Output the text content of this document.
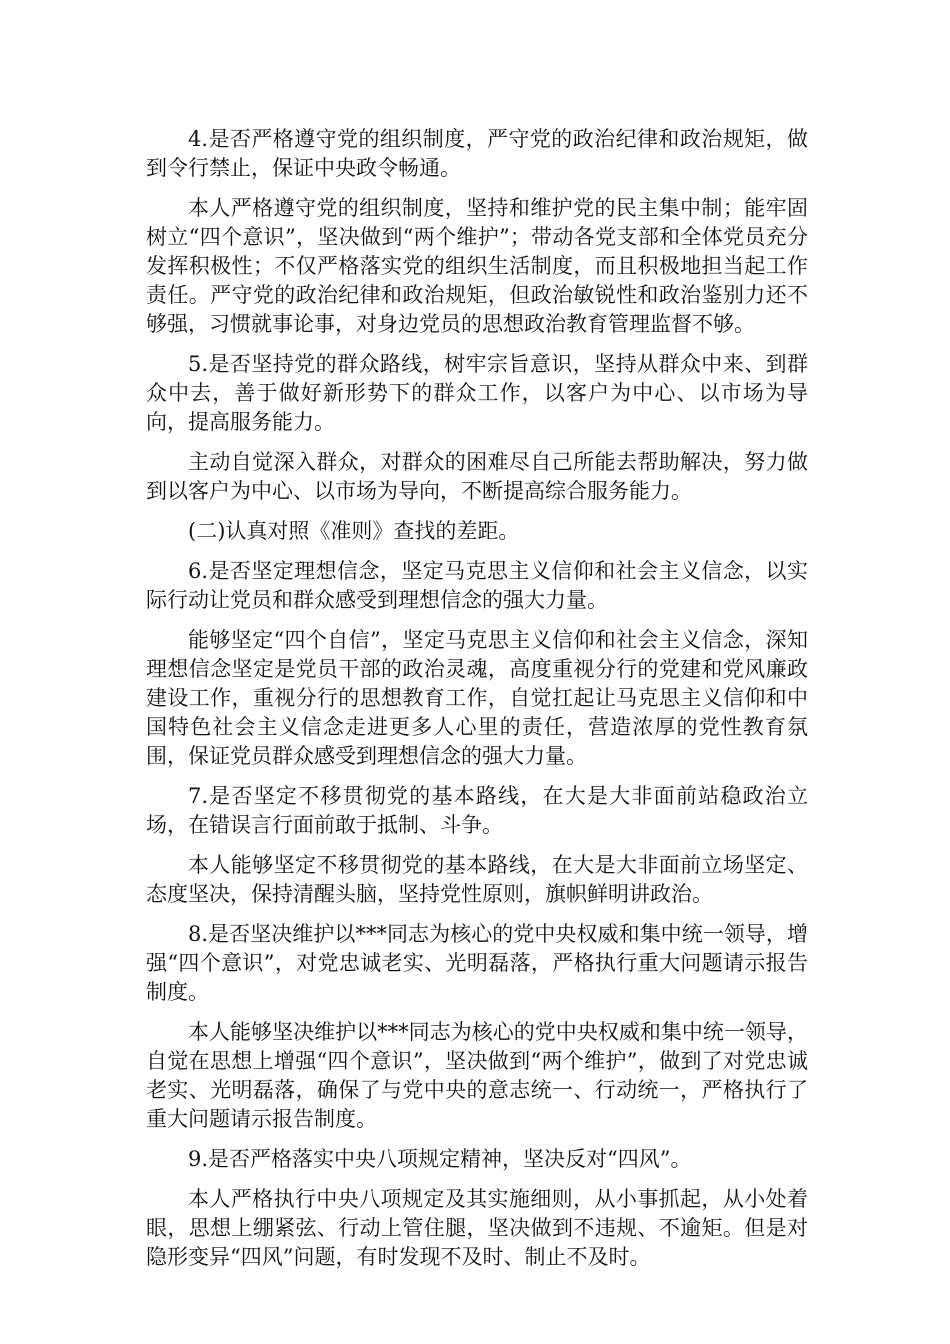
4.是否严格遵守党的组织制度，严守党的政治纪律和政治规矩，做到令行禁止，保证中央政令畅通。

本人严格遵守党的组织制度，坚持和维护党的民主集中制；能牢固树立“四个意识”，坚决做到“两个维护”；带动各党支部和全体党员充分发挥积极性；不仅严格落实党的组织生活制度，而且积极地担当起工作责任。严守党的政治纪律和政治规矩，但政治敏锐性和政治鉴别力还不够强，习惯就事论事，对身边党员的思想政治教育管理监督不够。

5.是否坚持党的群众路线，树牢宗旨意识，坚持从群众中来、到群众中去，善于做好新形势下的群众工作，以客户为中心、以市场为导向，提高服务能力。

主动自觉深入群众，对群众的困难尽自己所能去帮助解决，努力做到以客户为中心、以市场为导向，不断提高综合服务能力。

(二)认真对照《准则》查找的差距。

6.是否坚定理想信念，坚定马克思主义信仰和社会主义信念，以实际行动让党员和群众感受到理想信念的强大力量。

能够坚定“四个自信”，坚定马克思主义信仰和社会主义信念，深知理想信念坚定是党员干部的政治灵魂，高度重视分行的党建和党风廉政建设工作，重视分行的思想教育工作，自觉扛起让马克思主义信仰和中国特色社会主义信念走进更多人心里的责任，营造浓厚的党性教育氛围，保证党员群众感受到理想信念的强大力量。

7.是否坚定不移贯彻党的基本路线，在大是大非面前站稳政治立场，在错误言行面前敢于抵制、斗争。

本人能够坚定不移贯彻党的基本路线，在大是大非面前立场坚定、态度坚决，保持清醒头脑，坚持党性原则，旗帜鲜明讲政治。

8.是否坚决维护以***同志为核心的党中央权威和集中统一领导，增强“四个意识”，对党忠诚老实、光明磊落，严格执行重大问题请示报告制度。

本人能够坚决维护以***同志为核心的党中央权威和集中统一领导，自觉在思想上增强“四个意识”，坚决做到“两个维护”，做到了对党忠诚老实、光明磊落，确保了与党中央的意志统一、行动统一，严格执行了重大问题请示报告制度。

9.是否严格落实中央八项规定精神，坚决反对“四风”。

本人严格执行中央八项规定及其实施细则，从小事抓起，从小处着眼，思想上绷紧弦、行动上管住腿，坚决做到不违规、不逾矩。但是对隐形变异“四风”问题，有时发现不及时、制止不及时。
